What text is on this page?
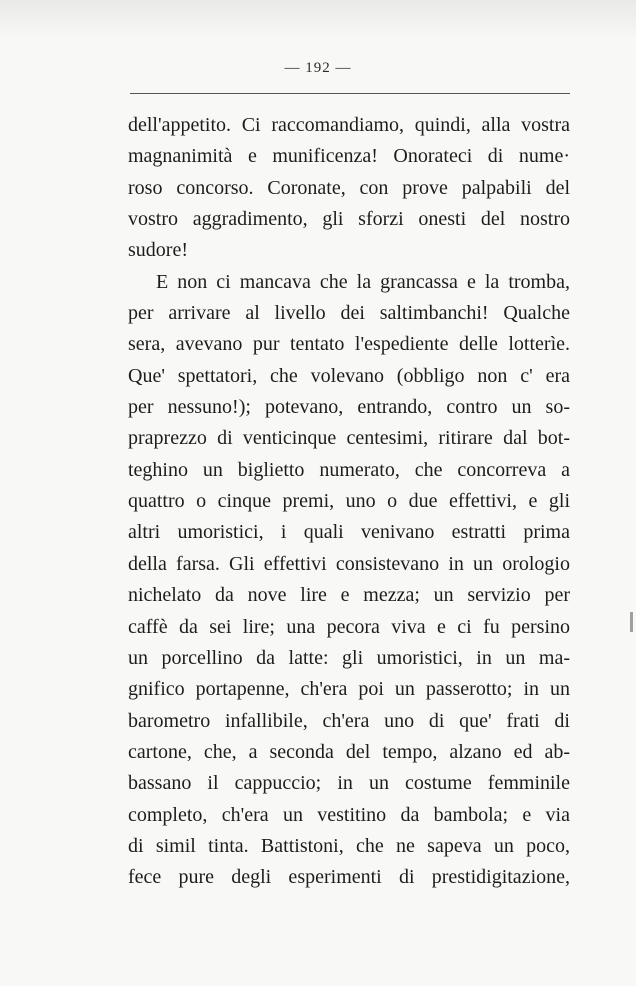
— 192 —
dell'appetito. Ci raccomandiamo, quindi, alla vostra
magnanimità e munificenza! Onorateci di nume·
roso concorso. Coronate, con prove palpabili del
vostro aggradimento, gli sforzi onesti del nostro
sudore!
E non ci mancava che la grancassa e la tromba,
per arrivare al livello dei saltimbanchi! Qualche
sera, avevano pur tentato l'espediente delle lotterìe.
Que' spettatori, che volevano (obbligo non c' era
per nessuno!); potevano, entrando, contro un so-
praprezzo di venticinque centesimi, ritirare dal bot-
teghino un biglietto numerato, che concorreva a
quattro o cinque premi, uno o due effettivi, e gli
altri umoristici, i quali venivano estratti prima
della farsa. Gli effettivi consistevano in un orologio
nichelato da nove lire e mezza; un servizio per
caffè da sei lire; una pecora viva e ci fu persino
un porcellino da latte: gli umoristici, in un ma-
gnifico portapenne, ch'era poi un passerotto; in un
barometro infallibile, ch'era uno di que' frati di
cartone, che, a seconda del tempo, alzano ed ab-
bassano il cappuccio; in un costume femminile
completo, ch'era un vestitino da bambola; e via
di simil tinta. Battistoni, che ne sapeva un poco,
fece pure degli esperimenti di prestidigitazione,
